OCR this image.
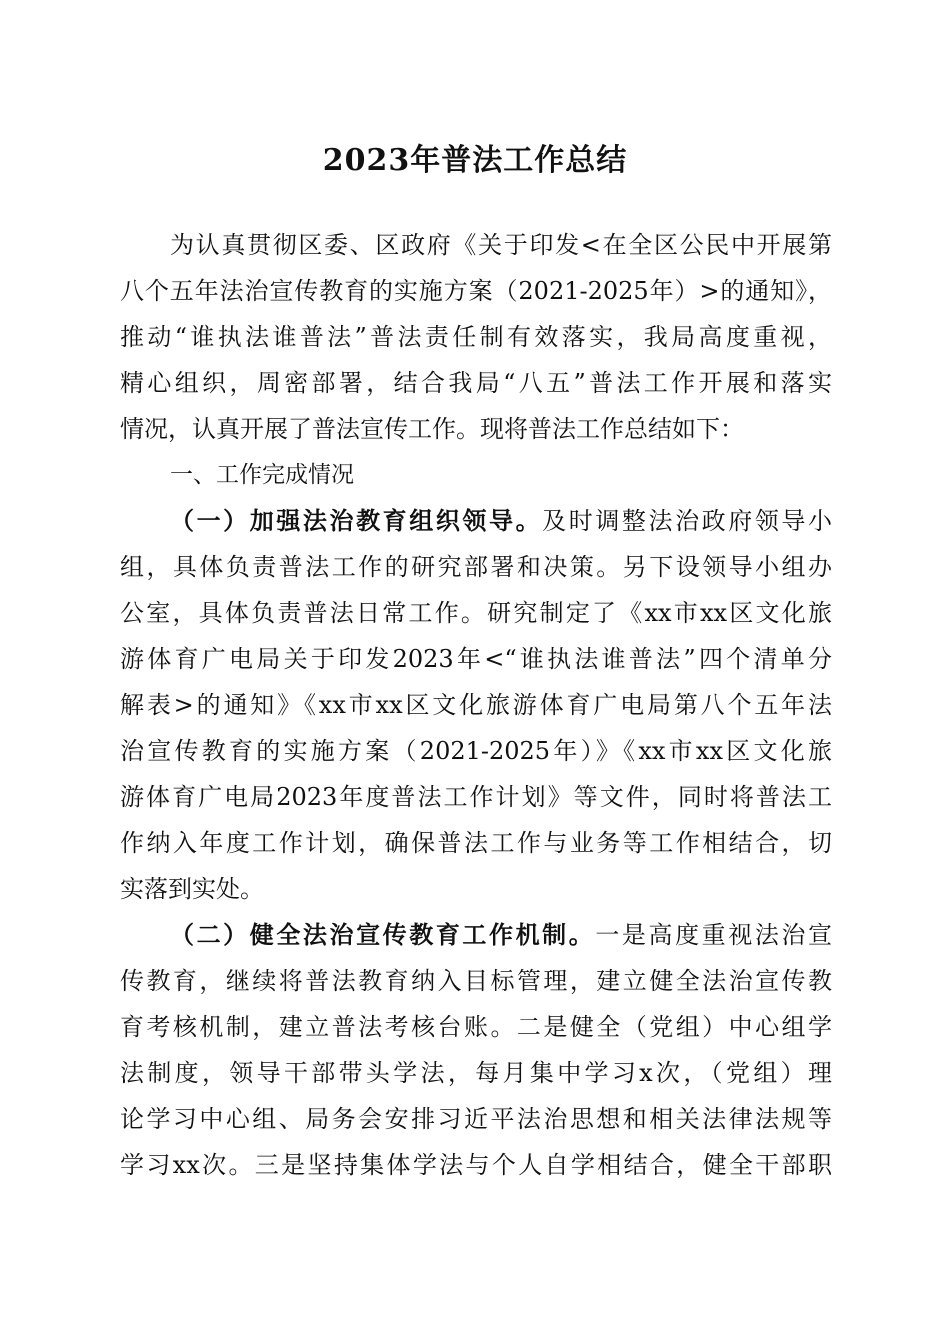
2023年普法工作总结

为认真贯彻区委、区政府《关于印发<在全区公民中开展第

八个五年法治宣传教育的实施方案（2021-2025年）>的通知》，

推动“谁执法谁普法”普法责任制有效落实，我局高度重视，

精心组织，周密部署，结合我局“八五”普法工作开展和落实

情况，认真开展了普法宣传工作。现将普法工作总结如下：

一、工作完成情况

（一）加强法治教育组织领导。及时调整法治政府领导小

组，具体负责普法工作的研究部署和决策。另下设领导小组办

公室，具体负责普法日常工作。研究制定了《xx市xx区文化旅

游体育广电局关于印发2023年<“谁执法谁普法”四个清单分

解表>的通知》《xx市xx区文化旅游体育广电局第八个五年法

治宣传教育的实施方案（2021-2025年）》《xx市xx区文化旅

游体育广电局2023年度普法工作计划》等文件，同时将普法工

作纳入年度工作计划，确保普法工作与业务等工作相结合，切

实落到实处。

（二）健全法治宣传教育工作机制。一是高度重视法治宣

传教育，继续将普法教育纳入目标管理，建立健全法治宣传教

育考核机制，建立普法考核台账。二是健全（党组）中心组学

法制度，领导干部带头学法，每月集中学习x次，（党组）理

论学习中心组、局务会安排习近平法治思想和相关法律法规等

学习xx次。三是坚持集体学法与个人自学相结合，健全干部职
